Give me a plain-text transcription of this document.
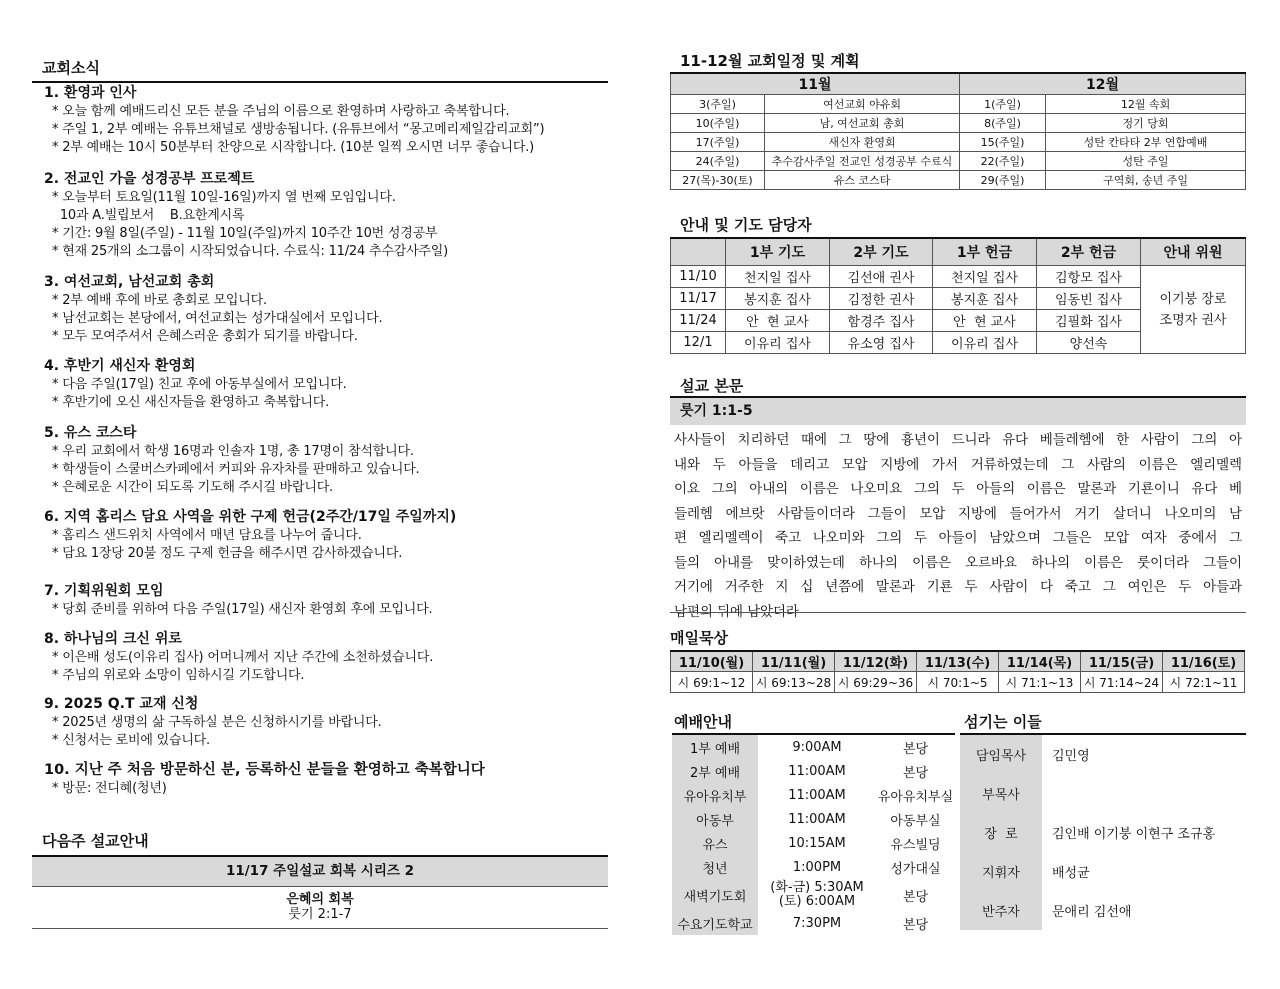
교회소식
1. 환영과 인사
* 오늘 함께 예배드리신 모든 분을 주님의 이름으로 환영하며 사랑하고 축복합니다.
* 주일 1, 2부 예배는 유튜브채널로 생방송됩니다. (유튜브에서 “몽고메리제일감리교회”)
* 2부 예배는 10시 50분부터 찬양으로 시작합니다. (10분 일찍 오시면 너무 좋습니다.)
2. 전교인 가을 성경공부 프로젝트
* 오늘부터 토요일(11월 10일-16일)까지 열 번째 모임입니다.
10과 A.빌립보서    B.요한계시록
* 기간: 9월 8일(주일) - 11월 10일(주일)까지 10주간 10번 성경공부
* 현재 25개의 소그룹이 시작되었습니다. 수료식: 11/24 추수감사주일)
3. 여선교회, 남선교회 총회
* 2부 예배 후에 바로 총회로 모입니다.
* 남선교회는 본당에서, 여선교회는 성가대실에서 모입니다.
* 모두 모여주셔서 은혜스러운 총회가 되기를 바랍니다.
4. 후반기 새신자 환영회
* 다음 주일(17일) 친교 후에 아동부실에서 모입니다.
* 후반기에 오신 새신자들을 환영하고 축복합니다.
5. 유스 코스타
* 우리 교회에서 학생 16명과 인솔자 1명, 총 17명이 참석합니다.
* 학생들이 스쿨버스카페에서 커피와 유자차를 판매하고 있습니다.
* 은혜로운 시간이 되도록 기도해 주시길 바랍니다.
6. 지역 홈리스 담요 사역을 위한 구제 헌금(2주간/17일 주일까지)
* 홈리스 샌드위치 사역에서 매년 담요를 나누어 줍니다.
* 담요 1장당 20불 정도 구제 헌금을 해주시면 감사하겠습니다.
7. 기획위원회 모임
* 당회 준비를 위하여 다음 주일(17일) 새신자 환영회 후에 모입니다.
8. 하나님의 크신 위로
* 이은배 성도(이유리 집사) 어머니께서 지난 주간에 소천하셨습니다.
* 주님의 위로와 소망이 임하시길 기도합니다.
9. 2025 Q.T 교재 신청
* 2025년 생명의 삶 구독하실 분은 신청하시기를 바랍니다.
* 신청서는 로비에 있습니다.
10. 지난 주 처음 방문하신 분, 등록하신 분들을 환영하고 축복합니다
* 방문: 전디혜(청년)
다음주 설교안내
11/17 주일설교 회복 시리즈 2
은혜의 회복
룻기 2:1-7
11-12월 교회일정 및 계획
11월		12월	
3(주일)	여선교회 야유회	1(주일)	12월 속회
10(주일)	남, 여선교회 총회	8(주일)	정기 당회
17(주일)	새신자 환영회	15(주일)	성탄 칸타타 2부 연합예배
24(주일)	추수감사주일 전교인 성경공부 수료식	22(주일)	성탄 주일
27(목)-30(토)	유스 코스타	29(주일)	구역회, 송년 주일
안내 및 기도 담당자
	1부 기도	2부 기도	1부 헌금	2부 헌금	안내 위원
11/10	천지일 집사	김선애 권사	천지일 집사	김항모 집사	이기붕 장로
조명자 권사

11/17	봉지훈 집사	김정한 권사	봉지훈 집사	임동빈 집사	
11/24	안  현 교사	함경주 집사	안  현 교사	김필화 집사	
12/1	이유리 집사	유소영 집사	이유리 집사	양선속	
설교 본문
룻기 1:1-5
사사들이 치리하던 때에 그 땅에 흉년이 드니라 유다 베들레헴에 한 사람이 그의 아
내와 두 아들을 데리고 모압 지방에 가서 거류하였는데 그 사람의 이름은 엘리멜렉
이요 그의 아내의 이름은 나오미요 그의 두 아들의 이름은 말론과 기룐이니 유다 베
들레헴 에브랏 사람들이더라 그들이 모압 지방에 들어가서 거기 살더니 나오미의 남
편 엘리멜렉이 죽고 나오미와 그의 두 아들이 남았으며 그들은 모압 여자 중에서 그
들의 아내를 맞이하였는데 하나의 이름은 오르바요 하나의 이름은 룻이더라 그들이
거기에 거주한 지 십 년쯤에 말론과 기룐 두 사람이 다 죽고 그 여인은 두 아들과
남편의 뒤에 남았더라
매일묵상
11/10(월)	11/11(월)	11/12(화)	11/13(수)	11/14(목)	11/15(금)	11/16(토)
시 69:1~12	시 69:13~28	시 69:29~36	시 70:1~5	시 71:1~13	시 71:14~24	시 72:1~11
예배안내
1부 예배	9:00AM	본당
2부 예배	11:00AM	본당
유아유치부	11:00AM	유아유치부실
아동부	11:00AM	아동부실
유스	10:15AM	유스빌딩
청년	1:00PM	성가대실
새벽기도회	(화-금) 5:30AM
(토) 6:00AM	본당
수요기도학교	7:30PM	본당
섬기는 이들
담임목사	김민영
부목사	
장  로	김인배 이기붕 이현구 조규홍
지휘자	배성균
반주자	문애리 김선애
